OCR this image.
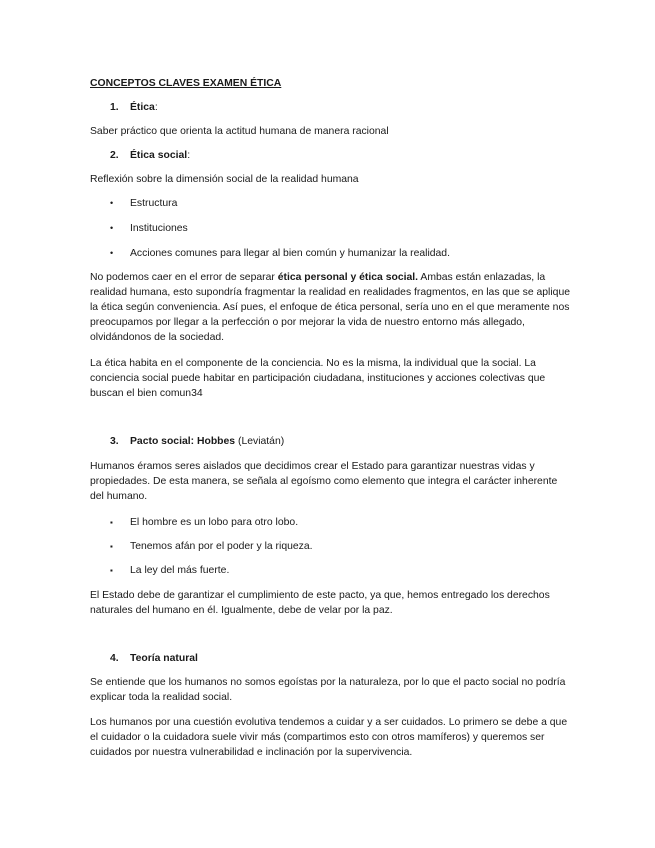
CONCEPTOS CLAVES EXAMEN ÉTICA

1.	Ética:

Saber práctico que orienta la actitud humana de manera racional

2.	Ética social:

Reflexión sobre la dimensión social de la realidad humana

•	Estructura
•	Instituciones
•	Acciones comunes para llegar al bien común y humanizar la realidad.

No podemos caer en el error de separar ética personal y ética social. Ambas están enlazadas, la realidad humana, esto supondría fragmentar la realidad en realidades fragmentos, en las que se aplique la ética según conveniencia. Así pues, el enfoque de ética personal, sería uno en el que meramente nos preocupamos por llegar a la perfección o por mejorar la vida de nuestro entorno más allegado, olvidándonos de la sociedad.

La ética habita en el componente de la conciencia. No es la misma, la individual que la social. La conciencia social puede habitar en participación ciudadana, instituciones y acciones colectivas que buscan el bien comun34

3.	Pacto social: Hobbes (Leviatán)

Humanos éramos seres aislados que decidimos crear el Estado para garantizar nuestras vidas y propiedades. De esta manera, se señala al egoísmo como elemento que integra el carácter inherente del humano.

▪	El hombre es un lobo para otro lobo.
▪	Tenemos afán por el poder y la riqueza.
▪	La ley del más fuerte.

El Estado debe de garantizar el cumplimiento de este pacto, ya que, hemos entregado los derechos naturales del humano en él. Igualmente, debe de velar por la paz.

4.	Teoría natural

Se entiende que los humanos no somos egoístas por la naturaleza, por lo que el pacto social no podría explicar toda la realidad social.

Los humanos por una cuestión evolutiva tendemos a cuidar y a ser cuidados. Lo primero se debe a que el cuidador o la cuidadora suele vivir más (compartimos esto con otros mamíferos) y queremos ser cuidados por nuestra vulnerabilidad e inclinación por la supervivencia.
